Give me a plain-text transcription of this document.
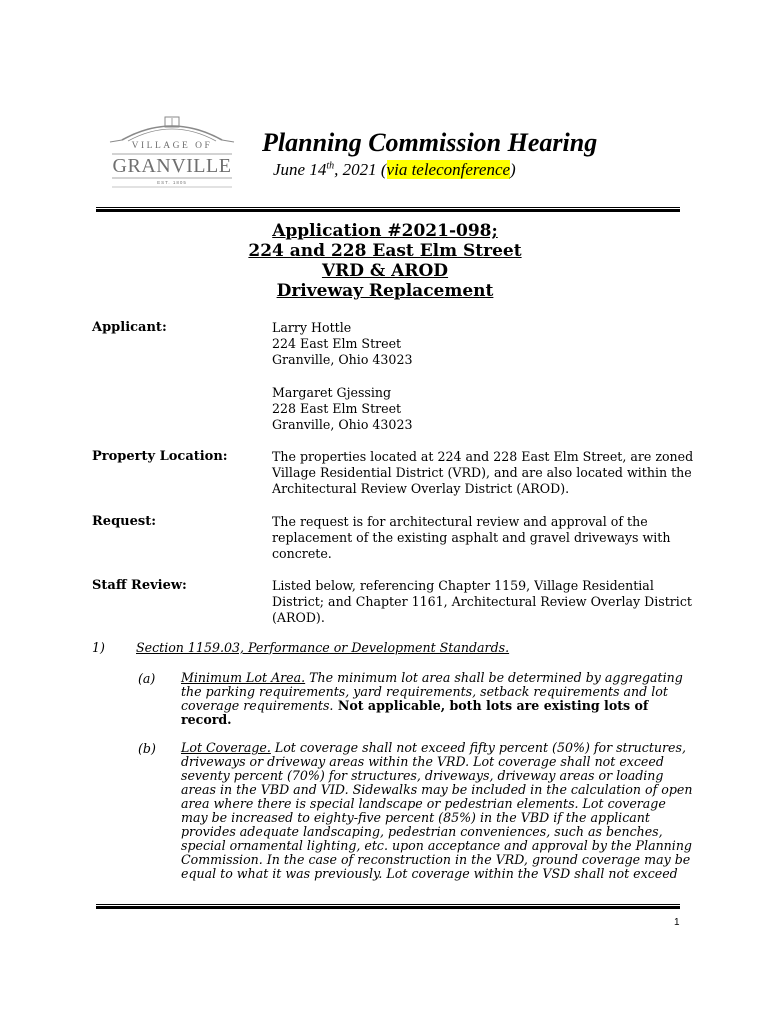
VILLAGE OF
GRANVILLE
EST. 1805
Planning Commission Hearing
June 14th, 2021 (via teleconference)
Application #2021-098;
224 and 228 East Elm Street
VRD & AROD
Driveway Replacement
Applicant:	Larry Hottle
224 East Elm Street
Granville, Ohio 43023
Margaret Gjessing
228 East Elm Street
Granville, Ohio 43023
Property Location:	The properties located at 224 and 228 East Elm Street, are zoned
Village Residential District (VRD), and are also located within the
Architectural Review Overlay District (AROD).
Request:	The request is for architectural review and approval of the
replacement of the existing asphalt and gravel driveways with
concrete.
Staff Review:	Listed below, referencing Chapter 1159, Village Residential
District; and Chapter 1161, Architectural Review Overlay District
(AROD).
1) Section 1159.03, Performance or Development Standards.
(a) Minimum Lot Area. The minimum lot area shall be determined by aggregating
the parking requirements, yard requirements, setback requirements and lot
coverage requirements. Not applicable, both lots are existing lots of
record.
(b) Lot Coverage. Lot coverage shall not exceed fifty percent (50%) for structures,
driveways or driveway areas within the VRD. Lot coverage shall not exceed
seventy percent (70%) for structures, driveways, driveway areas or loading
areas in the VBD and VID. Sidewalks may be included in the calculation of open
area where there is special landscape or pedestrian elements. Lot coverage
may be increased to eighty-five percent (85%) in the VBD if the applicant
provides adequate landscaping, pedestrian conveniences, such as benches,
special ornamental lighting, etc. upon acceptance and approval by the Planning
Commission. In the case of reconstruction in the VRD, ground coverage may be
equal to what it was previously. Lot coverage within the VSD shall not exceed
1
